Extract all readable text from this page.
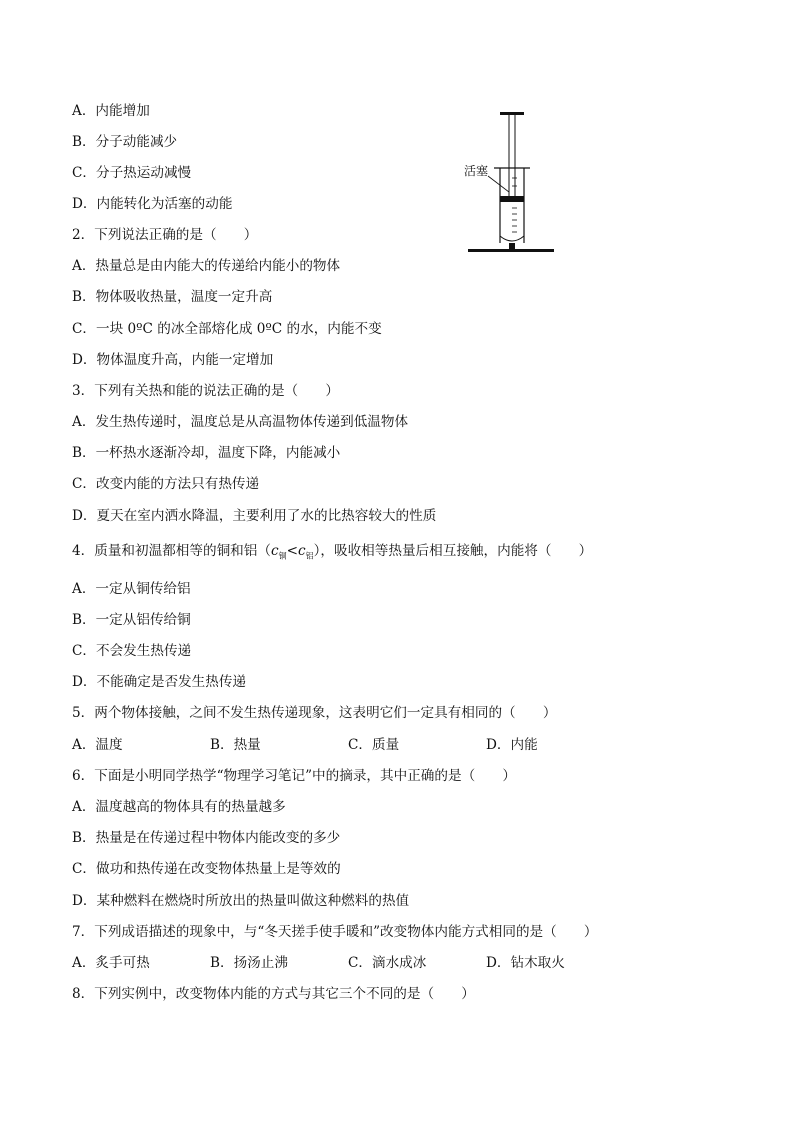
A．内能增加
B．分子动能减少
C．分子热运动减慢
D．内能转化为活塞的动能
活塞
2．下列说法正确的是（　　）
A．热量总是由内能大的传递给内能小的物体
B．物体吸收热量，温度一定升高
C．一块 0ºC 的冰全部熔化成 0ºC 的水，内能不变
D．物体温度升高，内能一定增加
3．下列有关热和能的说法正确的是（　　）
A．发生热传递时，温度总是从高温物体传递到低温物体
B．一杯热水逐渐冷却，温度下降，内能减小
C．改变内能的方法只有热传递
D．夏天在室内洒水降温，主要利用了水的比热容较大的性质
4．质量和初温都相等的铜和铝$(c_铜<c_铝)$，吸收相等热量后相互接触，内能将（　　）
A．一定从铜传给铝
B．一定从铝传给铜
C．不会发生热传递
D．不能确定是否发生热传递
5．两个物体接触，之间不发生热传递现象，这表明它们一定具有相同的（　　）
A．温度	B．热量	C．质量	D．内能
6．下面是小明同学热学“物理学习笔记”中的摘录，其中正确的是（　　）
A．温度越高的物体具有的热量越多
B．热量是在传递过程中物体内能改变的多少
C．做功和热传递在改变物体热量上是等效的
D．某种燃料在燃烧时所放出的热量叫做这种燃料的热值
7．下列成语描述的现象中，与“冬天搓手使手暖和”改变物体内能方式相同的是（　　）
A．炙手可热	B．扬汤止沸	C．滴水成冰	D．钻木取火
8．下列实例中，改变物体内能的方式与其它三个不同的是（　　）
